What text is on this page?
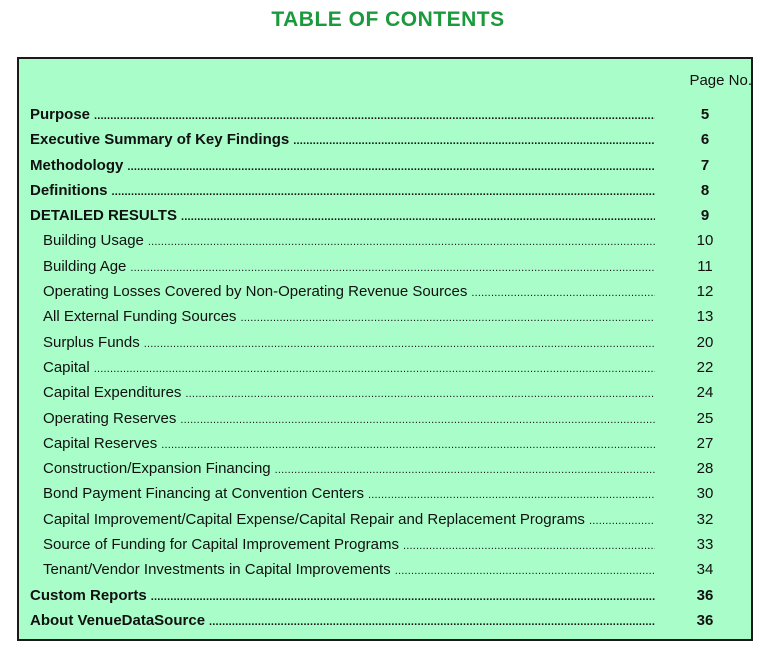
TABLE OF CONTENTS
Page No.
Purpose .....	5
Executive Summary of Key Findings .....	6
Methodology .....	7
Definitions .....	8
DETAILED RESULTS .....	9
Building Usage .....	10
Building Age .....	11
Operating Losses Covered by Non-Operating Revenue Sources .....	12
All External Funding Sources .....	13
Surplus Funds .....	20
Capital .....	22
Capital Expenditures .....	24
Operating Reserves .....	25
Capital Reserves .....	27
Construction/Expansion Financing .....	28
Bond Payment Financing at Convention Centers .....	30
Capital Improvement/Capital Expense/Capital Repair and Replacement Programs .....	32
Source of Funding for Capital Improvement Programs .....	33
Tenant/Vendor Investments in Capital Improvements .....	34
Custom Reports .....	36
About VenueDataSource .....	36
